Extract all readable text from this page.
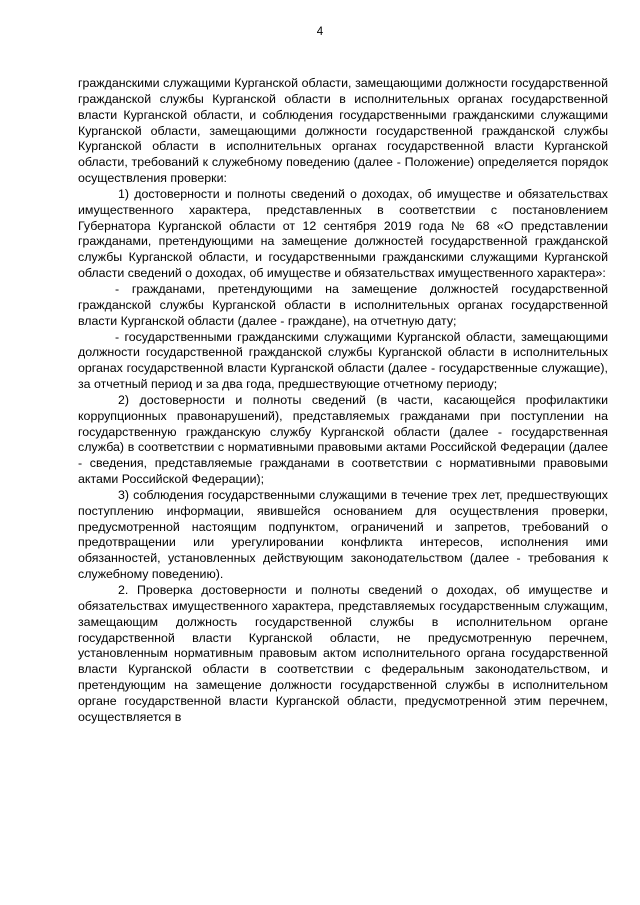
4

гражданскими служащими Курганской области, замещающими должности государственной гражданской службы Курганской области в исполнительных органах государственной власти Курганской области, и соблюдения государственными гражданскими служащими Курганской области, замещающими должности государственной гражданской службы Курганской области в исполнительных органах государственной власти Курганской области, требований к служебному поведению (далее - Положение) определяется порядок осуществления проверки:

1) достоверности и полноты сведений о доходах, об имуществе и обязательствах имущественного характера, представленных в соответствии с постановлением Губернатора Курганской области от 12 сентября 2019 года № 68 «О представлении гражданами, претендующими на замещение должностей государственной гражданской службы Курганской области, и государственными гражданскими служащими Курганской области сведений о доходах, об имуществе и обязательствах имущественного характера»:

- гражданами, претендующими на замещение должностей государственной гражданской службы Курганской области в исполнительных органах государственной власти Курганской области (далее - граждане), на отчетную дату;

- государственными гражданскими служащими Курганской области, замещающими должности государственной гражданской службы Курганской области в исполнительных органах государственной власти Курганской области (далее - государственные служащие), за отчетный период и за два года, предшествующие отчетному периоду;

2) достоверности и полноты сведений (в части, касающейся профилактики коррупционных правонарушений), представляемых гражданами при поступлении на государственную гражданскую службу Курганской области (далее - государственная служба) в соответствии с нормативными правовыми актами Российской Федерации (далее - сведения, представляемые гражданами в соответствии с нормативными правовыми актами Российской Федерации);

3) соблюдения государственными служащими в течение трех лет, предшествующих поступлению информации, явившейся основанием для осуществления проверки, предусмотренной настоящим подпунктом, ограничений и запретов, требований о предотвращении или урегулировании конфликта интересов, исполнения ими обязанностей, установленных действующим законодательством (далее - требования к служебному поведению).

2. Проверка достоверности и полноты сведений о доходах, об имуществе и обязательствах имущественного характера, представляемых государственным служащим, замещающим должность государственной службы в исполнительном органе государственной власти Курганской области, не предусмотренную перечнем, установленным нормативным правовым актом исполнительного органа государственной власти Курганской области в соответствии с федеральным законодательством, и претендующим на замещение должности государственной службы в исполнительном органе государственной власти Курганской области, предусмотренной этим перечнем, осуществляется в
